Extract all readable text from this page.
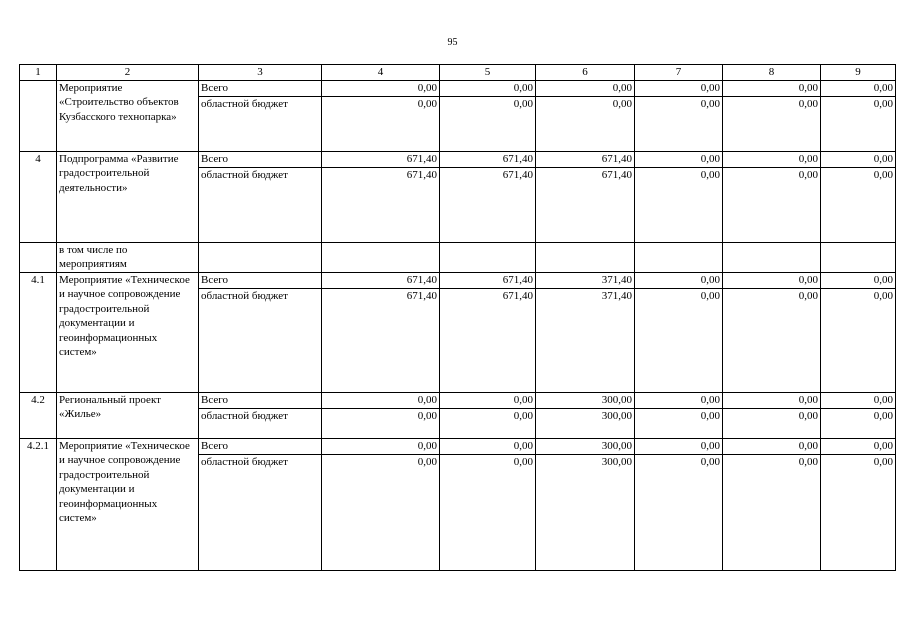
95
1	2	3	4	5	6	7	8	9
	Мероприятие «Строительство объектов Кузбасского технопарка»	Всего	0,00	0,00	0,00	0,00	0,00	0,00
		областной бюджет	0,00	0,00	0,00	0,00	0,00	0,00
4	Подпрограмма «Развитие градостроительной деятельности»	Всего	671,40	671,40	671,40	0,00	0,00	0,00
		областной бюджет	671,40	671,40	671,40	0,00	0,00	0,00
	в том числе по мероприятиям							
4.1	Мероприятие «Техническое и научное сопровождение градостроительной документации и геоинформационных систем»	Всего	671,40	671,40	371,40	0,00	0,00	0,00
		областной бюджет	671,40	671,40	371,40	0,00	0,00	0,00
4.2	Региональный проект «Жилье»	Всего	0,00	0,00	300,00	0,00	0,00	0,00
		областной бюджет	0,00	0,00	300,00	0,00	0,00	0,00
4.2.1	Мероприятие «Техническое и научное сопровождение градостроительной документации и геоинформационных систем»	Всего	0,00	0,00	300,00	0,00	0,00	0,00
		областной бюджет	0,00	0,00	300,00	0,00	0,00	0,00
